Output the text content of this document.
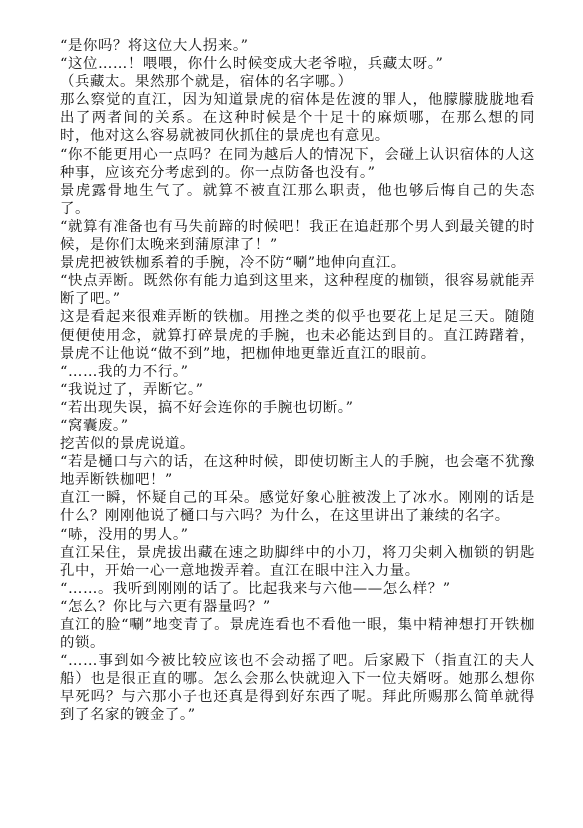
“是你吗？将这位大人拐来。”

“这位……！喂喂，你什么时候变成大老爷啦，兵藏太呀。”

（兵藏太。果然那个就是，宿体的名字哪。）

那么察觉的直江，因为知道景虎的宿体是佐渡的罪人，他朦朦胧胧地看出了两者间的关系。在这种时候是个十足十的麻烦哪，在那么想的同时，他对这么容易就被同伙抓住的景虎也有意见。

“你不能更用心一点吗？在同为越后人的情况下，会碰上认识宿体的人这种事，应该充分考虑到的。你一点防备也没有。”

景虎露骨地生气了。就算不被直江那么职责，他也够后悔自己的失态了。

“就算有准备也有马失前蹄的时候吧！我正在追赶那个男人到最关键的时候，是你们太晚来到蒲原津了！”

景虎把被铁枷系着的手腕，冷不防“唰”地伸向直江。

“快点弄断。既然你有能力追到这里来，这种程度的枷锁，很容易就能弄断了吧。”

这是看起来很难弄断的铁枷。用挫之类的似乎也要花上足足三天。随随便便使用念，就算打碎景虎的手腕，也未必能达到目的。直江踌躇着，景虎不让他说“做不到”地，把枷伸地更靠近直江的眼前。

“……我的力不行。”

“我说过了，弄断它。”

“若出现失误，搞不好会连你的手腕也切断。”

“窝囊废。”

挖苦似的景虎说道。

“若是樋口与六的话，在这种时候，即使切断主人的手腕，也会毫不犹豫地弄断铁枷吧！”

直江一瞬，怀疑自己的耳朵。感觉好象心脏被泼上了冰水。刚刚的话是什么？刚刚他说了樋口与六吗？为什么，在这里讲出了兼续的名字。

“哧，没用的男人。”

直江呆住，景虎拔出藏在速之助脚绊中的小刀，将刀尖刺入枷锁的钥匙孔中，开始一心一意地拨弄着。直江在眼中注入力量。

“……。我听到刚刚的话了。比起我来与六他——怎么样？”

“怎么？你比与六更有器量吗？”

直江的脸“唰”地变青了。景虎连看也不看他一眼，集中精神想打开铁枷的锁。

“……事到如今被比较应该也不会动摇了吧。后家殿下（指直江的夫人船）也是很正直的哪。怎么会那么快就迎入下一位夫婿呀。她那么想你早死吗？与六那小子也还真是得到好东西了呢。拜此所赐那么简单就得到了名家的镀金了。”
